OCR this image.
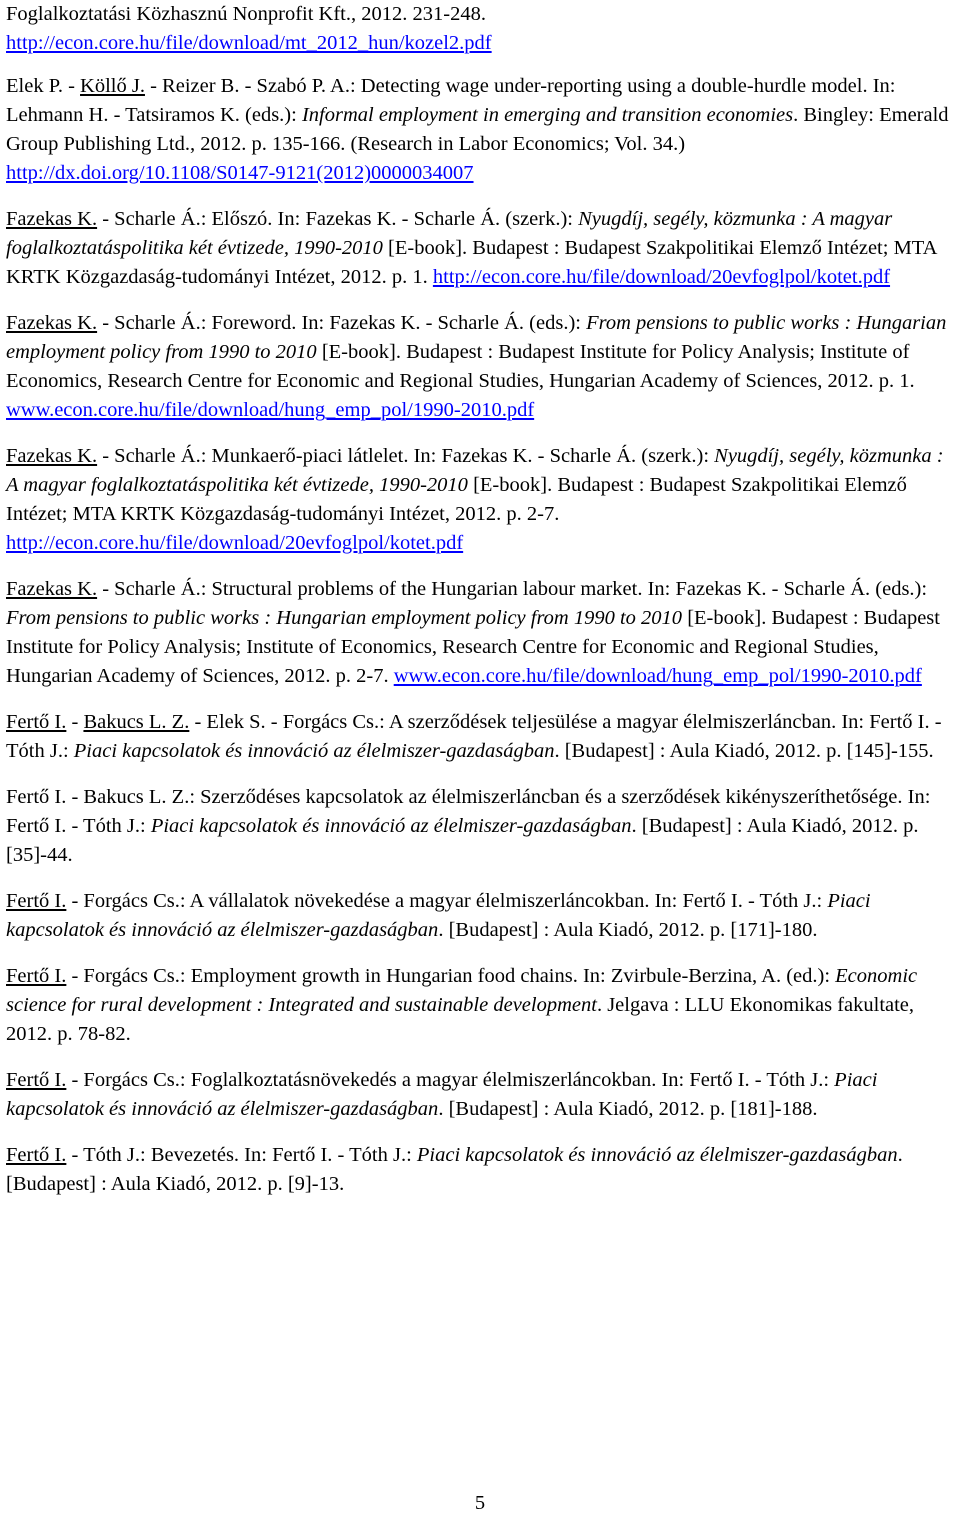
Foglalkoztatási Közhasznú Nonprofit Kft., 2012. 231-248.
http://econ.core.hu/file/download/mt_2012_hun/kozel2.pdf

Elek P. - Köllő J. - Reizer B. - Szabó P. A.: Detecting wage under-reporting using a double-hurdle model. In: Lehmann H. - Tatsiramos K. (eds.): Informal employment in emerging and transition economies. Bingley: Emerald Group Publishing Ltd., 2012. p. 135-166. (Research in Labor Economics; Vol. 34.) http://dx.doi.org/10.1108/S0147-9121(2012)0000034007

Fazekas K. - Scharle Á.: Előszó. In: Fazekas K. - Scharle Á. (szerk.): Nyugdíj, segély, közmunka : A magyar foglalkoztatáspolitika két évtizede, 1990-2010 [E-book]. Budapest : Budapest Szakpolitikai Elemző Intézet; MTA KRTK Közgazdaság-tudományi Intézet, 2012. p. 1. http://econ.core.hu/file/download/20evfoglpol/kotet.pdf

Fazekas K. - Scharle Á.: Foreword. In: Fazekas K. - Scharle Á. (eds.): From pensions to public works : Hungarian employment policy from 1990 to 2010 [E-book]. Budapest : Budapest Institute for Policy Analysis; Institute of Economics, Research Centre for Economic and Regional Studies, Hungarian Academy of Sciences, 2012. p. 1. www.econ.core.hu/file/download/hung_emp_pol/1990-2010.pdf

Fazekas K. - Scharle Á.: Munkaerő-piaci látlelet. In: Fazekas K. - Scharle Á. (szerk.): Nyugdíj, segély, közmunka : A magyar foglalkoztatáspolitika két évtizede, 1990-2010 [E-book]. Budapest : Budapest Szakpolitikai Elemző Intézet; MTA KRTK Közgazdaság-tudományi Intézet, 2012. p. 2-7. http://econ.core.hu/file/download/20evfoglpol/kotet.pdf

Fazekas K. - Scharle Á.: Structural problems of the Hungarian labour market. In: Fazekas K. - Scharle Á. (eds.): From pensions to public works : Hungarian employment policy from 1990 to 2010 [E-book]. Budapest : Budapest Institute for Policy Analysis; Institute of Economics, Research Centre for Economic and Regional Studies, Hungarian Academy of Sciences, 2012. p. 2-7. www.econ.core.hu/file/download/hung_emp_pol/1990-2010.pdf

Fertő I. - Bakucs L. Z. - Elek S. - Forgács Cs.: A szerződések teljesülése a magyar élelmiszerláncban. In: Fertő I. - Tóth J.: Piaci kapcsolatok és innováció az élelmiszer-gazdaságban. [Budapest] : Aula Kiadó, 2012. p. [145]-155.

Fertő I. - Bakucs L. Z.: Szerződéses kapcsolatok az élelmiszerláncban és a szerződések kikényszeríthetősége. In: Fertő I. - Tóth J.: Piaci kapcsolatok és innováció az élelmiszer-gazdaságban. [Budapest] : Aula Kiadó, 2012. p. [35]-44.

Fertő I. - Forgács Cs.: A vállalatok növekedése a magyar élelmiszerláncokban. In: Fertő I. - Tóth J.: Piaci kapcsolatok és innováció az élelmiszer-gazdaságban. [Budapest] : Aula Kiadó, 2012. p. [171]-180.

Fertő I. - Forgács Cs.: Employment growth in Hungarian food chains. In: Zvirbule-Berzina, A. (ed.): Economic science for rural development : Integrated and sustainable development. Jelgava : LLU Ekonomikas fakultate, 2012. p. 78-82.

Fertő I. - Forgács Cs.: Foglalkoztatásnövekedés a magyar élelmiszerláncokban. In: Fertő I. - Tóth J.: Piaci kapcsolatok és innováció az élelmiszer-gazdaságban. [Budapest] : Aula Kiadó, 2012. p. [181]-188.

Fertő I. - Tóth J.: Bevezetés. In: Fertő I. - Tóth J.: Piaci kapcsolatok és innováció az élelmiszer-gazdaságban. [Budapest] : Aula Kiadó, 2012. p. [9]-13.

5
